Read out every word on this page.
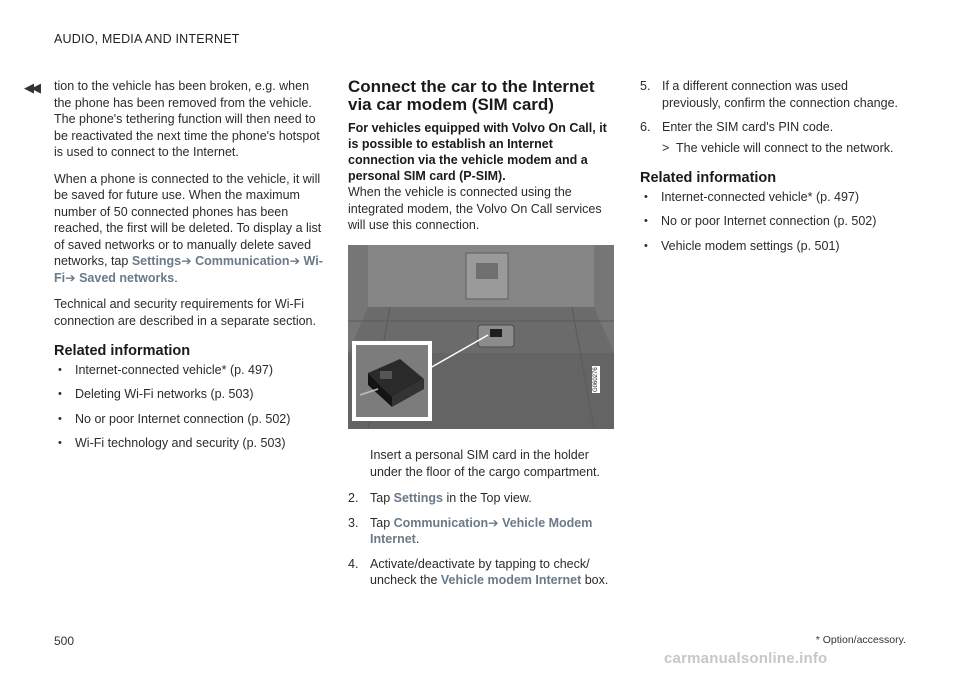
AUDIO, MEDIA AND INTERNET
◀◀ tion to the vehicle has been broken, e.g. when the phone has been removed from the vehicle. The phone's tethering function will then need to be reactivated the next time the phone's hotspot is used to connect to the Internet.

When a phone is connected to the vehicle, it will be saved for future use. When the maximum number of 50 connected phones has been reached, the first will be deleted. To display a list of saved networks or to manually delete saved networks, tap Settings➔ Communication➔ Wi-Fi➔ Saved networks.

Technical and security requirements for Wi-Fi connection are described in a separate section.

Related information
• Internet-connected vehicle* (p. 497)
• Deleting Wi-Fi networks (p. 503)
• No or poor Internet connection (p. 502)
• Wi-Fi technology and security (p. 503)
Connect the car to the Internet via car modem (SIM card)

For vehicles equipped with Volvo On Call, it is possible to establish an Internet connection via the vehicle modem and a personal SIM card (P-SIM).

When the vehicle is connected using the integrated modem, the Volvo On Call services will use this connection.

G060276
Insert a personal SIM card in the holder under the floor of the cargo compartment.
2. Tap Settings in the Top view.
3. Tap Communication➔ Vehicle Modem Internet.
4. Activate/deactivate by tapping to check/ uncheck the Vehicle modem Internet box.
5. If a different connection was used previously, confirm the connection change.
6. Enter the SIM card's PIN code.
> The vehicle will connect to the network.
Related information
• Internet-connected vehicle* (p. 497)
• No or poor Internet connection (p. 502)
• Vehicle modem settings (p. 501)
500	* Option/accessory.
carmanualsonline.info
